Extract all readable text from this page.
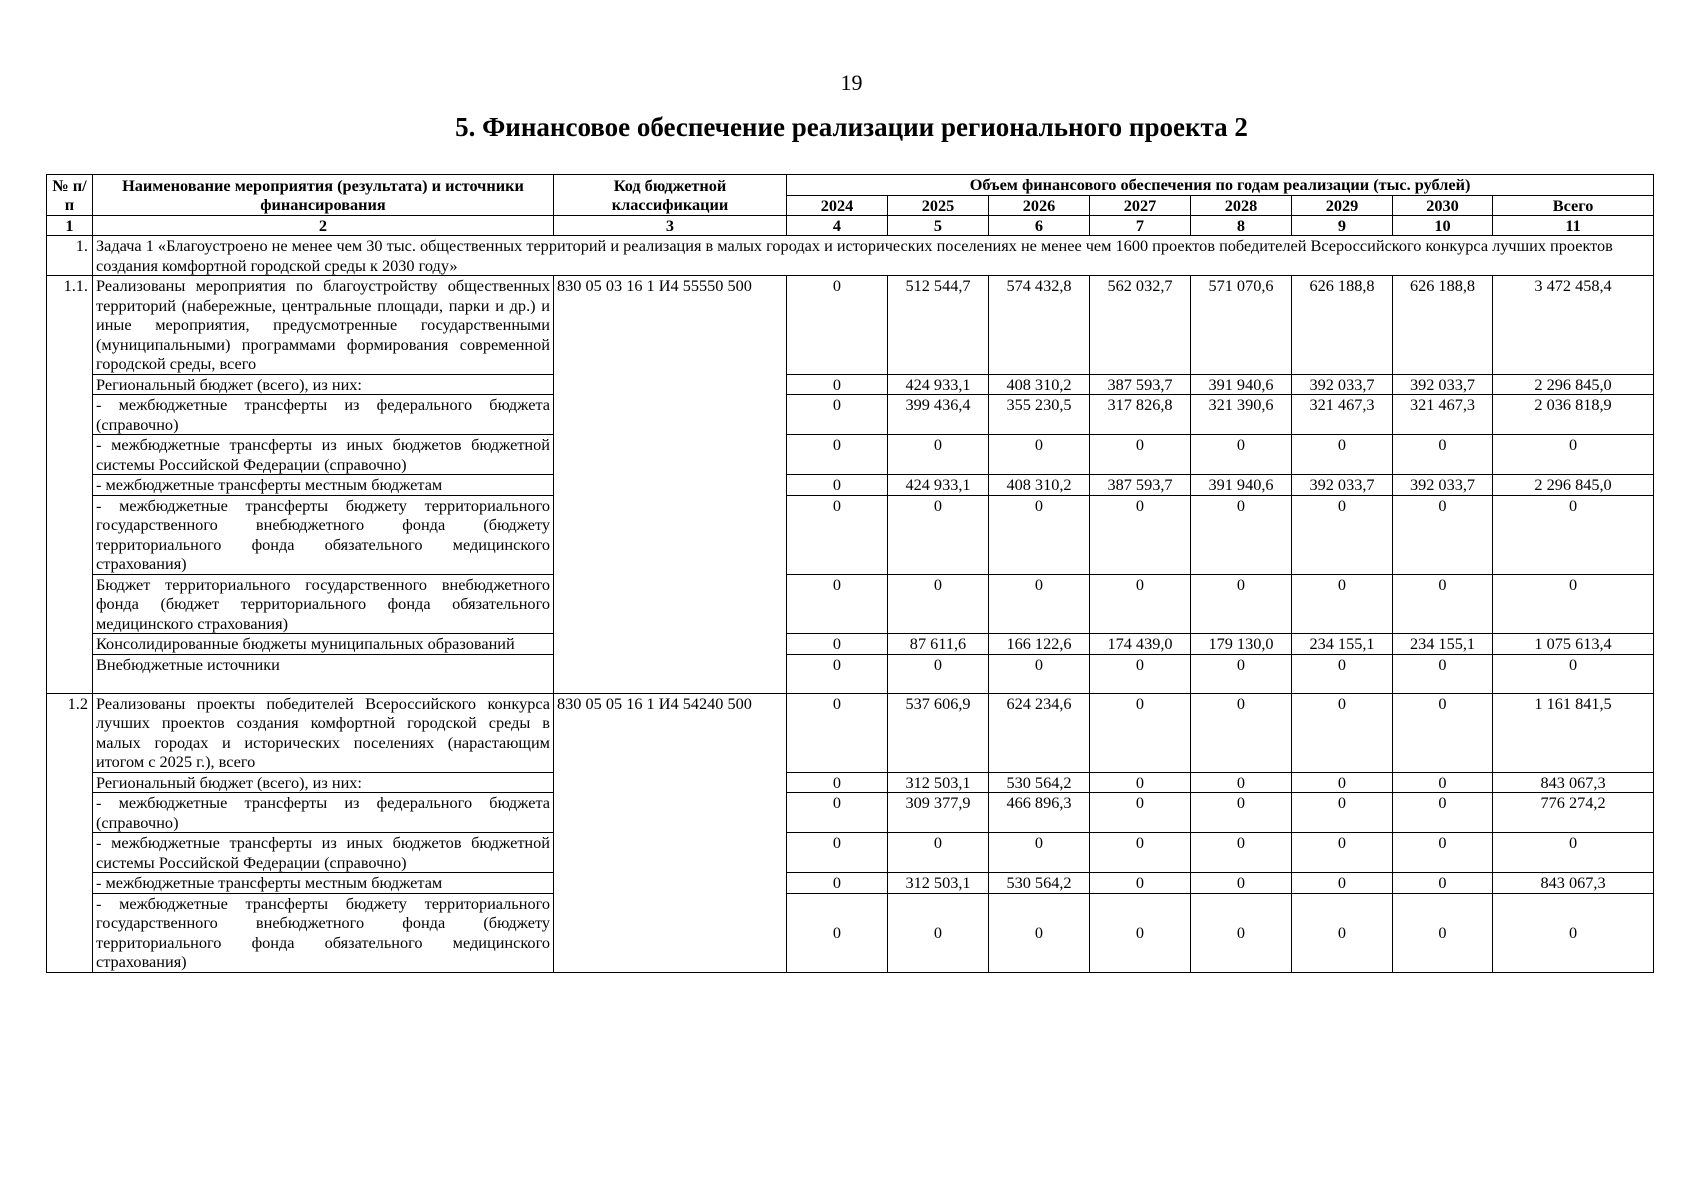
19
5. Финансовое обеспечение реализации регионального проекта 2
№ п/п	Наименование мероприятия (результата) и источники финансирования	Код бюджетной классификации	Объем финансового обеспечения по годам реализации (тыс. рублей)							
			2024	2025	2026	2027	2028	2029	2030	Всего
1	2	3	4	5	6	7	8	9	10	11
1.	Задача 1 «Благоустроено не менее чем 30 тыс. общественных территорий и реализация в малых городах и исторических поселениях не менее чем 1600 проектов победителей Всероссийского конкурса лучших проектов создания комфортной городской среды к 2030 году»									
1.1.	Реализованы мероприятия по благоустройству общественных территорий (набережные, центральные площади, парки и др.) и иные мероприятия, предусмотренные государственными (муниципальными) программами формирования современной городской среды, всего	830 05 03 16 1 И4 55550 500	0	512 544,7	574 432,8	562 032,7	571 070,6	626 188,8	626 188,8	3 472 458,4
	Региональный бюджет (всего), из них:		0	424 933,1	408 310,2	387 593,7	391 940,6	392 033,7	392 033,7	2 296 845,0
	- межбюджетные трансферты из федерального бюджета (справочно)		0	399 436,4	355 230,5	317 826,8	321 390,6	321 467,3	321 467,3	2 036 818,9
	- межбюджетные трансферты из иных бюджетов бюджетной системы Российской Федерации (справочно)		0	0	0	0	0	0	0	0
	- межбюджетные трансферты местным бюджетам		0	424 933,1	408 310,2	387 593,7	391 940,6	392 033,7	392 033,7	2 296 845,0
	- межбюджетные трансферты бюджету территориального государственного внебюджетного фонда (бюджету территориального фонда обязательного медицинского страхования)		0	0	0	0	0	0	0	0
	Бюджет территориального государственного внебюджетного фонда (бюджет территориального фонда обязательного медицинского страхования)		0	0	0	0	0	0	0	0
	Консолидированные бюджеты муниципальных образований		0	87 611,6	166 122,6	174 439,0	179 130,0	234 155,1	234 155,1	1 075 613,4
	Внебюджетные источники		0	0	0	0	0	0	0	0
1.2	Реализованы проекты победителей Всероссийского конкурса лучших проектов создания комфортной городской среды в малых городах и исторических поселениях (нарастающим итогом с 2025 г.), всего	830 05 05 16 1 И4 54240 500	0	537 606,9	624 234,6	0	0	0	0	1 161 841,5
	Региональный бюджет (всего), из них:		0	312 503,1	530 564,2	0	0	0	0	843 067,3
	- межбюджетные трансферты из федерального бюджета (справочно)		0	309 377,9	466 896,3	0	0	0	0	776 274,2
	- межбюджетные трансферты из иных бюджетов бюджетной системы Российской Федерации (справочно)		0	0	0	0	0	0	0	0
	- межбюджетные трансферты местным бюджетам		0	312 503,1	530 564,2	0	0	0	0	843 067,3
	- межбюджетные трансферты бюджету территориального государственного внебюджетного фонда (бюджету территориального фонда обязательного медицинского страхования)		0	0	0	0	0	0	0	0
